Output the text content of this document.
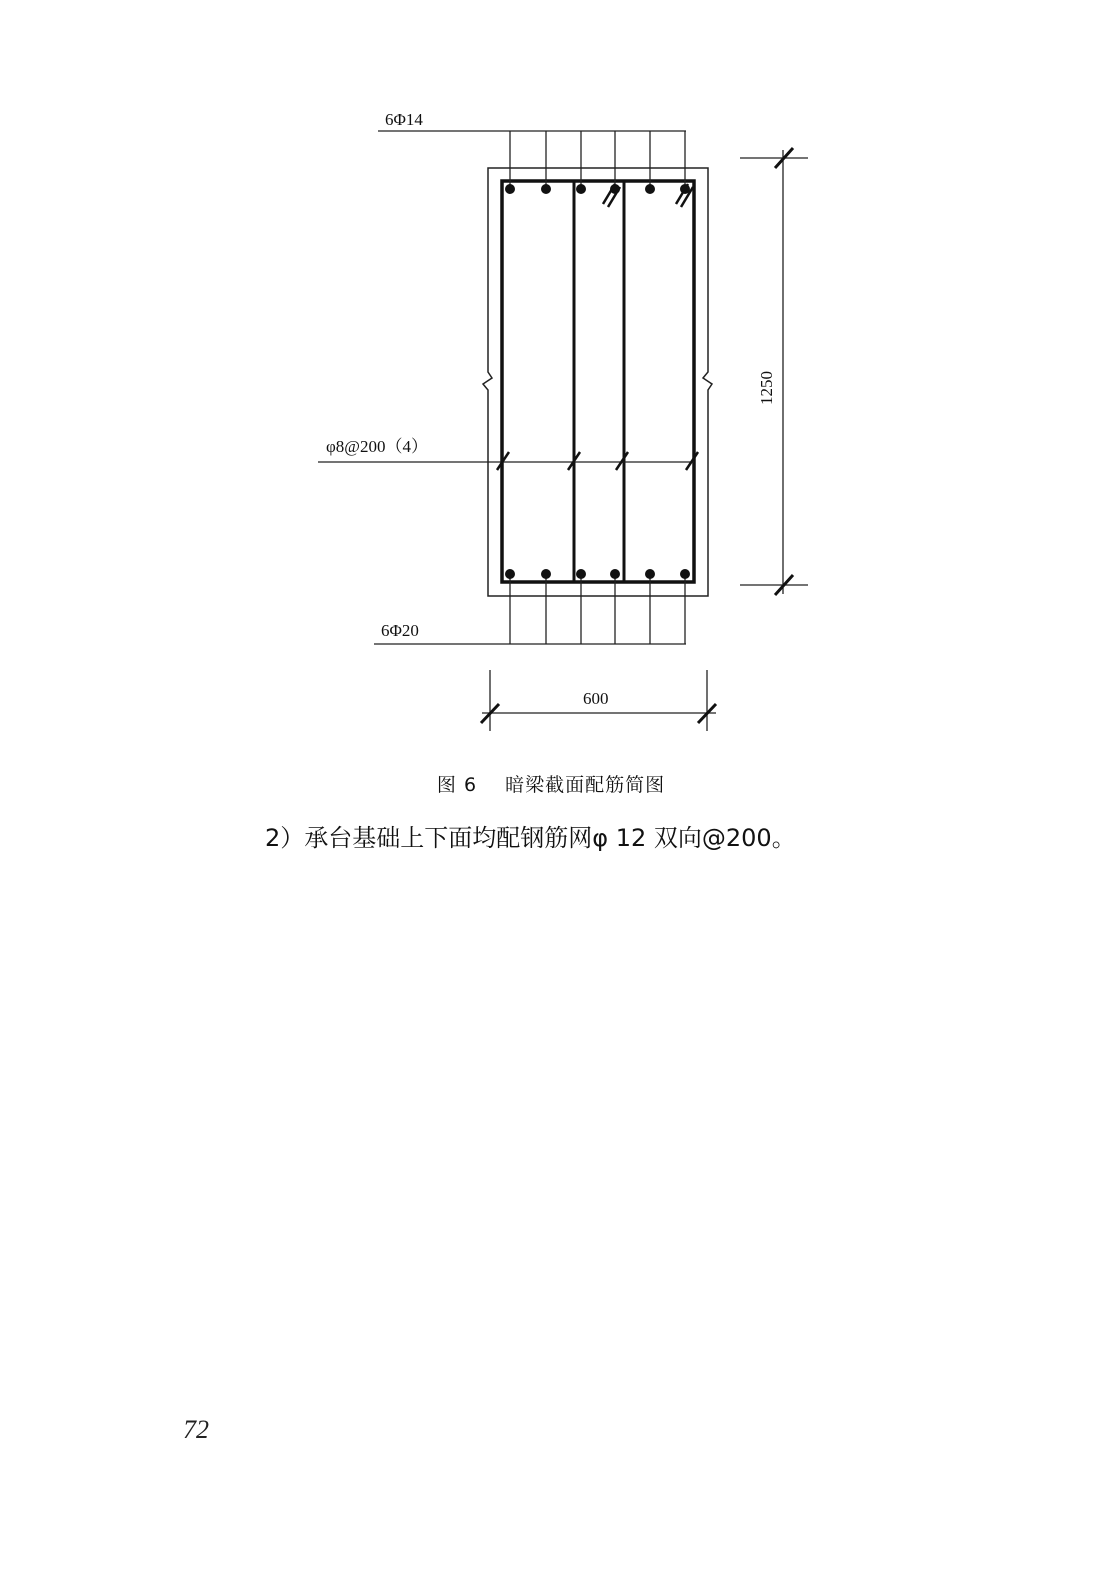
6Φ14
6Φ20
φ8@200（4）
1250
600
图 6 暗梁截面配筋简图
2）承台基础上下面均配钢筋网φ 12 双向@200。
72
